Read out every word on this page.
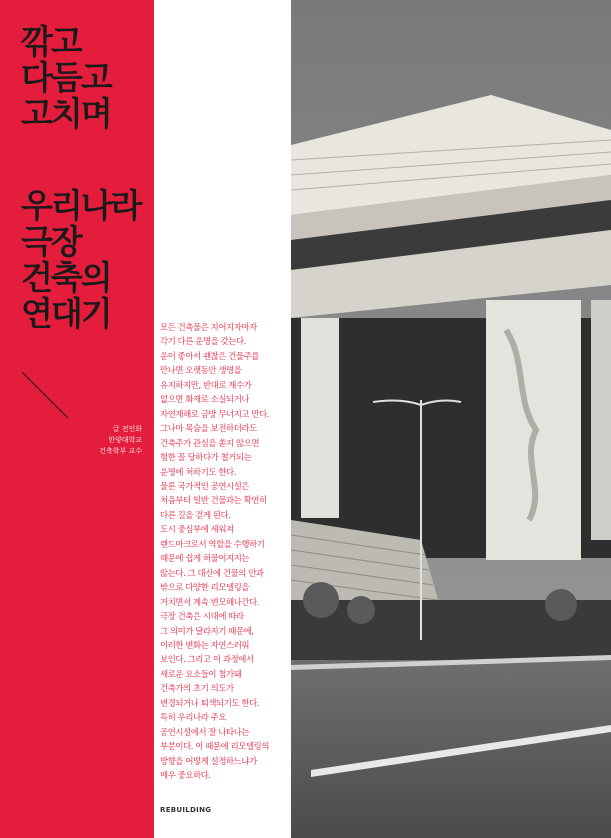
깎고
다듬고
고치며
우리나라
극장
건축의
연대기
글 전인화
한양대학교
건축학부 교수
모든 건축물은 지어지자마자
각기 다른 운명을 갖는다.
운이 좋아서 괜찮은 건물주를
만나면 오랫동안 생명을
유지하지만, 반대로 재수가
없으면 화재로 소실되거나
자연재해로 금방 무너지고 만다.
그나마 목숨을 보전하더라도
건축주가 관심을 쏟지 않으면
험한 꼴 당하다가 철거되는
운명에 처하기도 한다.
물론 국가적인 공연시설은
처음부터 일반 건물과는 확연히
다른 길을 걷게 된다.
도시 중심부에 세워져
랜드마크로서 역할을 수행하기
때문에 쉽게 허물어지지는
않는다. 그 대신에 건물의 안과
밖으로 다양한 리모델링을
거치면서 계속 변모해나간다.
극장 건축은 시대에 따라
그 의미가 달라지기 때문에,
이러한 변화는 자연스러워
보인다. 그리고 이 과정에서
새로운 요소들이 첨가돼
건축가의 초기 의도가
변경되거나 퇴색되기도 한다.
특히 우리나라 주요
공연시설에서 잘 나타나는
부분이다. 이 때문에 리모델링의
방향을 어떻게 설정하느냐가
매우 중요하다.
REBUILDING
